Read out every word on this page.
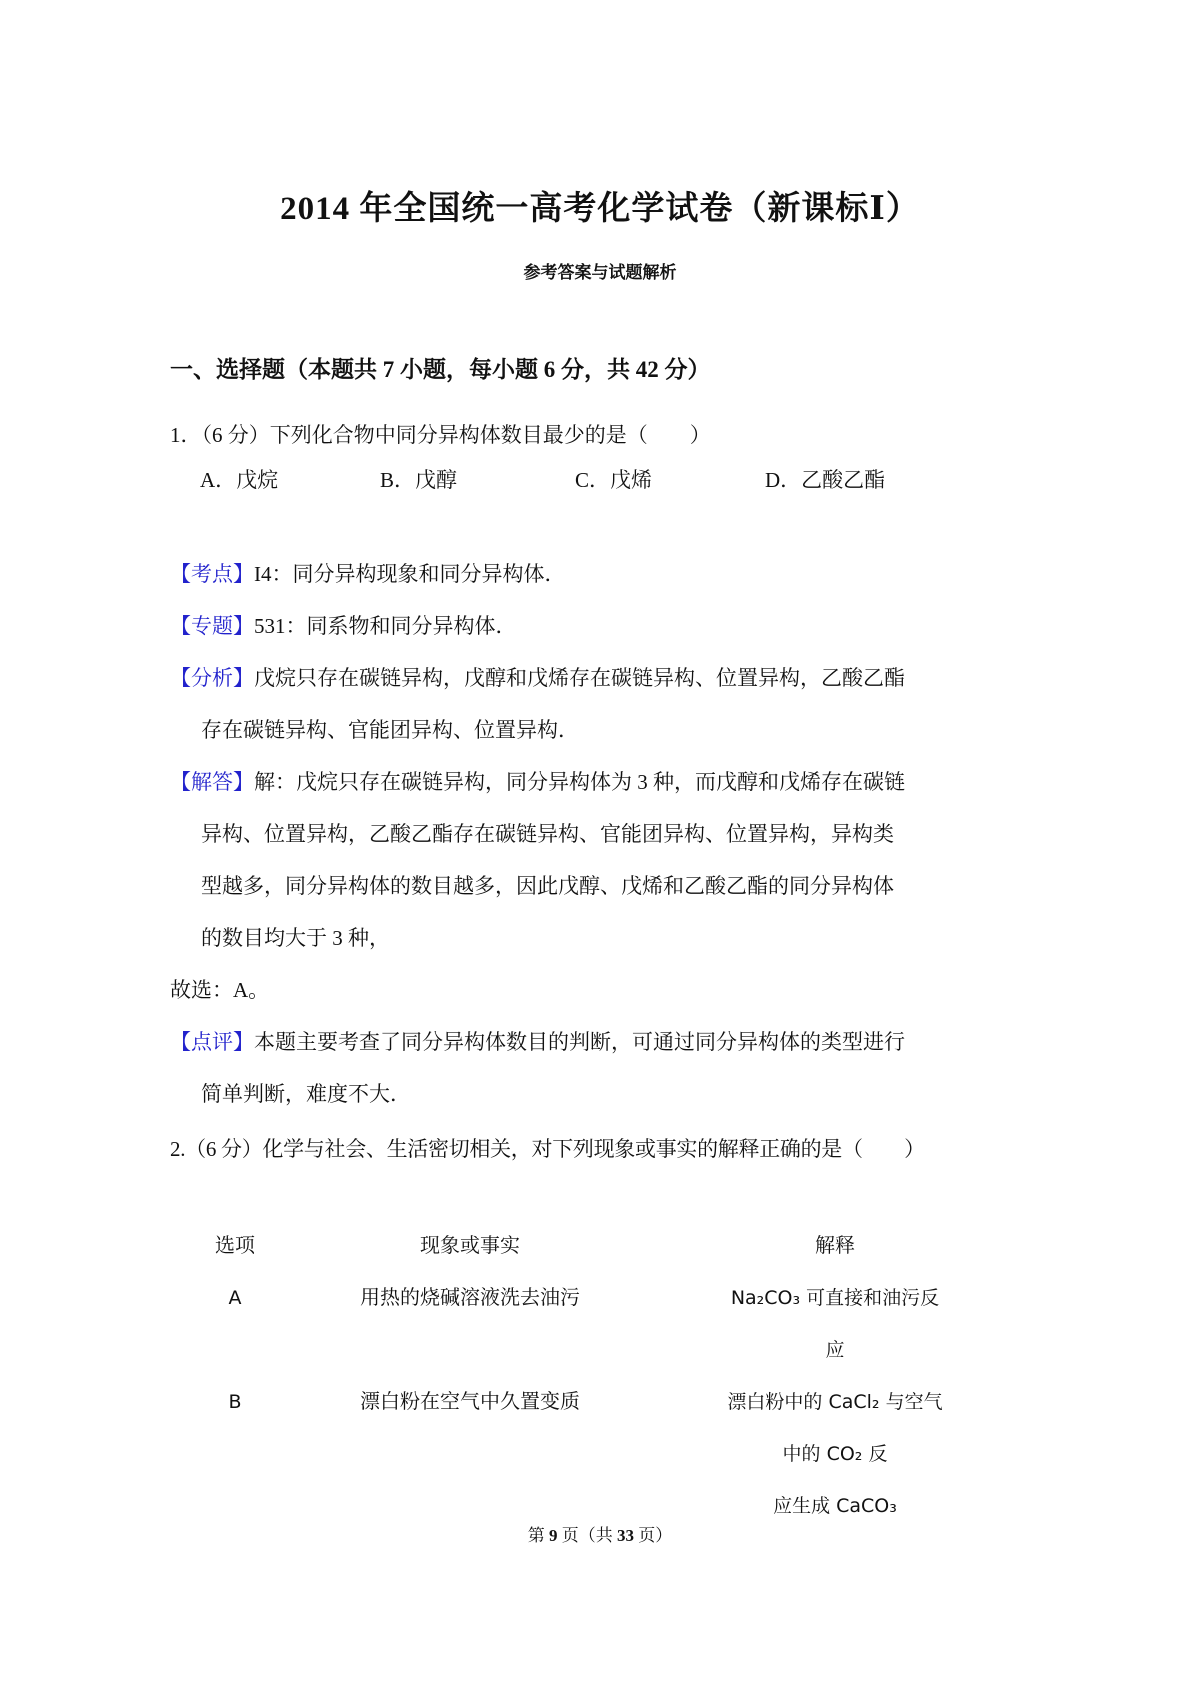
2014 年全国统一高考化学试卷（新课标Ⅰ）
参考答案与试题解析
一、选择题（本题共 7 小题，每小题 6 分，共 42 分）

1．（6 分）下列化合物中同分异构体数目最少的是（　　）

A．戊烷	B．戊醇	C．戊烯	D．乙酸乙酯

【考点】I4：同分异构现象和同分异构体．

【专题】531：同系物和同分异构体．

【分析】戊烷只存在碳链异构，戊醇和戊烯存在碳链异构、位置异构，乙酸乙酯

存在碳链异构、官能团异构、位置异构．

【解答】解：戊烷只存在碳链异构，同分异构体为 3 种，而戊醇和戊烯存在碳链

异构、位置异构，乙酸乙酯存在碳链异构、官能团异构、位置异构，异构类

型越多，同分异构体的数目越多，因此戊醇、戊烯和乙酸乙酯的同分异构体

的数目均大于 3 种，

故选：A。

【点评】本题主要考查了同分异构体数目的判断，可通过同分异构体的类型进行

简单判断，难度不大．

2.（6 分）化学与社会、生活密切相关，对下列现象或事实的解释正确的是（　　）

选项	现象或事实	解释
A	用热的烧碱溶液洗去油污	Na₂CO₃ 可直接和油污反
应
B	漂白粉在空气中久置变质	漂白粉中的 CaCl₂ 与空气
中的 CO₂ 反
应生成 CaCO₃
第 9 页（共 33 页）
